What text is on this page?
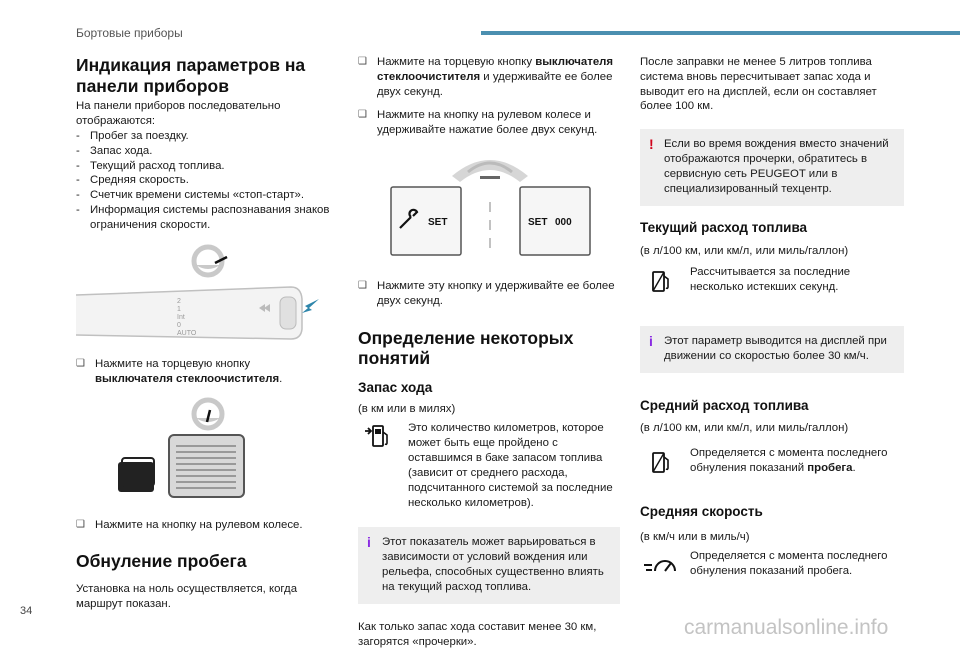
Бортовые приборы
Индикация параметров на панели приборов

На панели приборов последовательно отображаются:

- Пробег за поездку.
- Запас хода.
- Текущий расход топлива.
- Средняя скорость.
- Счетчик времени системы «стоп-старт».
- Информация системы распознавания знаков ограничения скорости.
2
1
Int
0
AUTO

❑ Нажмите на торцевую кнопку выключателя стеклоочистителя.

❑ Нажмите на кнопку на рулевом колесе.

Обнуление пробега

Установка на ноль осуществляется, когда маршрут показан.

❑ Нажмите на торцевую кнопку выключателя стеклоочистителя и удерживайте ее более двух секунд.

❑ Нажмите на кнопку на рулевом колесе и удерживайте нажатие более двух секунд.

SET	SET 000

❑ Нажмите эту кнопку и удерживайте ее более двух секунд.

Определение некоторых понятий
Запас хода

(в км или в милях)

Это количество километров, которое может быть еще пройдено с оставшимся в баке запасом топлива (зависит от среднего расхода, подсчитанного системой за последние несколько километров).

i Этот показатель может варьироваться в зависимости от условий вождения или рельефа, способных существенно влиять на текущий расход топлива.

Как только запас хода составит менее 30 км, загорятся «прочерки».

После заправки не менее 5 литров топлива система вновь пересчитывает запас хода и выводит его на дисплей, если он составляет более 100 км.

! Если во время вождения вместо значений отображаются прочерки, обратитесь в сервисную сеть PEUGEOT или в специализированный техцентр.

Текущий расход топлива

(в л/100 км, или км/л, или миль/галлон)

Рассчитывается за последние несколько истекших секунд.

i Этот параметр выводится на дисплей при движении со скоростью более 30 км/ч.

Средний расход топлива

(в л/100 км, или км/л, или миль/галлон)

Определяется с момента последнего обнуления показаний пробега.

Средняя скорость

(в км/ч или в миль/ч)

Определяется с момента последнего обнуления показаний пробега.

34
carmanualsonline.info
